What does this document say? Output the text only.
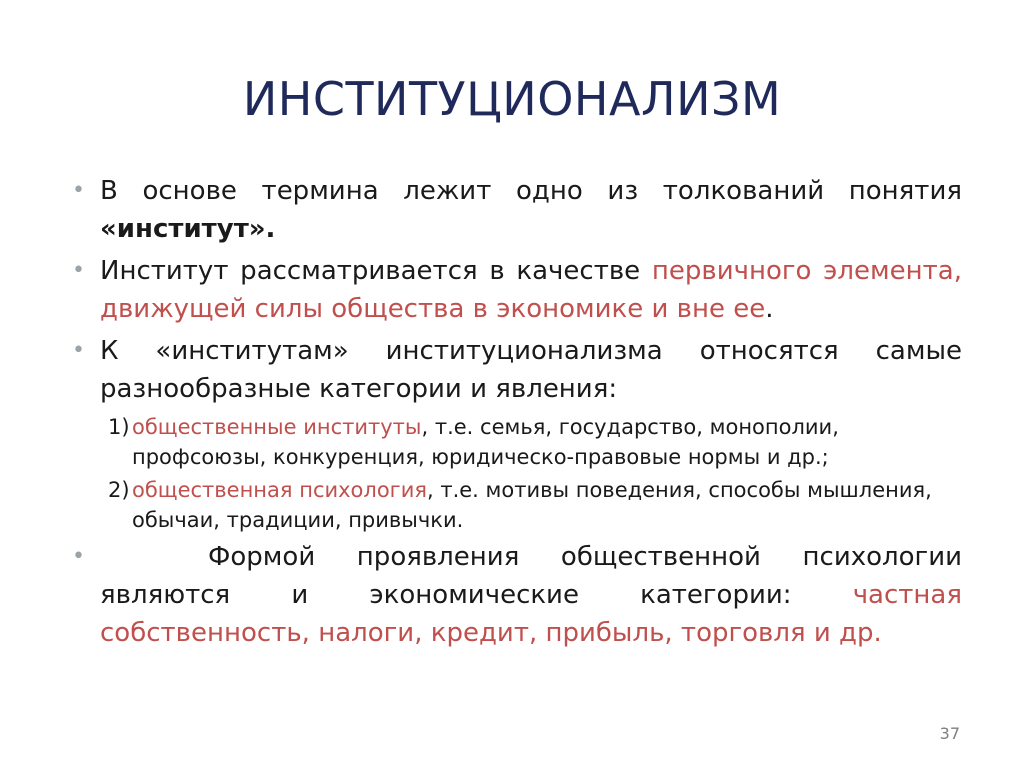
ИНСТИТУЦИОНАЛИЗМ
• В основе термина лежит одно из толкований понятия «институт».
• Институт рассматривается в качестве первичного элемента, движущей силы общества в экономике и вне ее.
• К «институтам» институционализма относятся самые разнообразные категории и явления:
1) общественные институты, т.е. семья, государство, монополии, профсоюзы, конкуренция, юридическо-правовые нормы и др.;
2) общественная психология, т.е. мотивы поведения, способы мышления, обычаи, традиции, привычки.
•	Формой проявления общественной психологии являются и экономические категории: частная собственность, налоги, кредит, прибыль, торговля и др.
37
